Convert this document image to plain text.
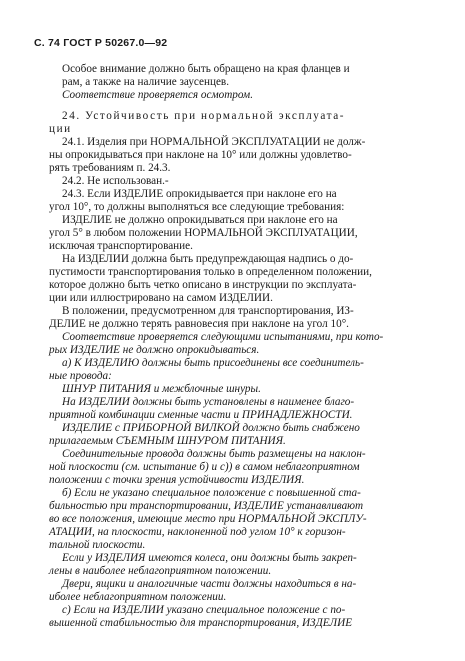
С. 74 ГОСТ Р 50267.0—92
Особое внимание должно быть обращено на края фланцев и
рам, а также на наличие заусенцев.
Соответствие проверяется осмотром.
24. Устойчивость при нормальной эксплуата-
ции
24.1. Изделия при НОРМАЛЬНОЙ ЭКСПЛУАТАЦИИ не долж-
ны опрокидываться при наклоне на 10° или должны удовлетво-
рять требованиям п. 24.3.
24.2. Не использован.-
24.3. Если ИЗДЕЛИЕ опрокидывается при наклоне его на
угол 10°, то должны выполняться все следующие требования:
ИЗДЕЛИЕ не должно опрокидываться при наклоне его на
угол 5° в любом положении НОРМАЛЬНОЙ ЭКСПЛУАТАЦИИ,
исключая транспортирование.
На ИЗДЕЛИИ должна быть предупреждающая надпись о до-
пустимости транспортирования только в определенном положении,
которое должно быть четко описано в инструкции по эксплуата-
ции или иллюстрировано на самом ИЗДЕЛИИ.
В положении, предусмотренном для транспортирования, ИЗ-
ДЕЛИЕ не должно терять равновесия при наклоне на угол 10°.
Соответствие проверяется следующими испытаниями, при кото-
рых ИЗДЕЛИЕ не должно опрокидываться.
а) К ИЗДЕЛИЮ должны быть присоединены все соединитель-
ные провода:
ШНУР ПИТАНИЯ и межблочные шнуры.
На ИЗДЕЛИИ должны быть установлены в наименее благо-
приятной комбинации сменные части и ПРИНАДЛЕЖНОСТИ.
ИЗДЕЛИЕ с ПРИБОРНОЙ ВИЛКОЙ должно быть снабжено
прилагаемым СЪЕМНЫМ ШНУРОМ ПИТАНИЯ.
Соединительные провода должны быть размещены на наклон-
ной плоскости (см. испытание б) и с)) в самом неблагоприятном
положении с точки зрения устойчивости ИЗДЕЛИЯ.
б) Если не указано специальное положение с повышенной ста-
бильностью при транспортировании, ИЗДЕЛИЕ устанавливают
во все положения, имеющие место при НОРМАЛЬНОЙ ЭКСПЛУ-
АТАЦИИ, на плоскости, наклоненной под углом 10° к горизон-
тальной плоскости.
Если у ИЗДЕЛИЯ имеются колеса, они должны быть закреп-
лены в наиболее неблагоприятном положении.
Двери, ящики и аналогичные части должны находиться в на-
иболее неблагоприятном положении.
с) Если на ИЗДЕЛИИ указано специальное положение с по-
вышенной стабильностью для транспортирования, ИЗДЕЛИЕ
